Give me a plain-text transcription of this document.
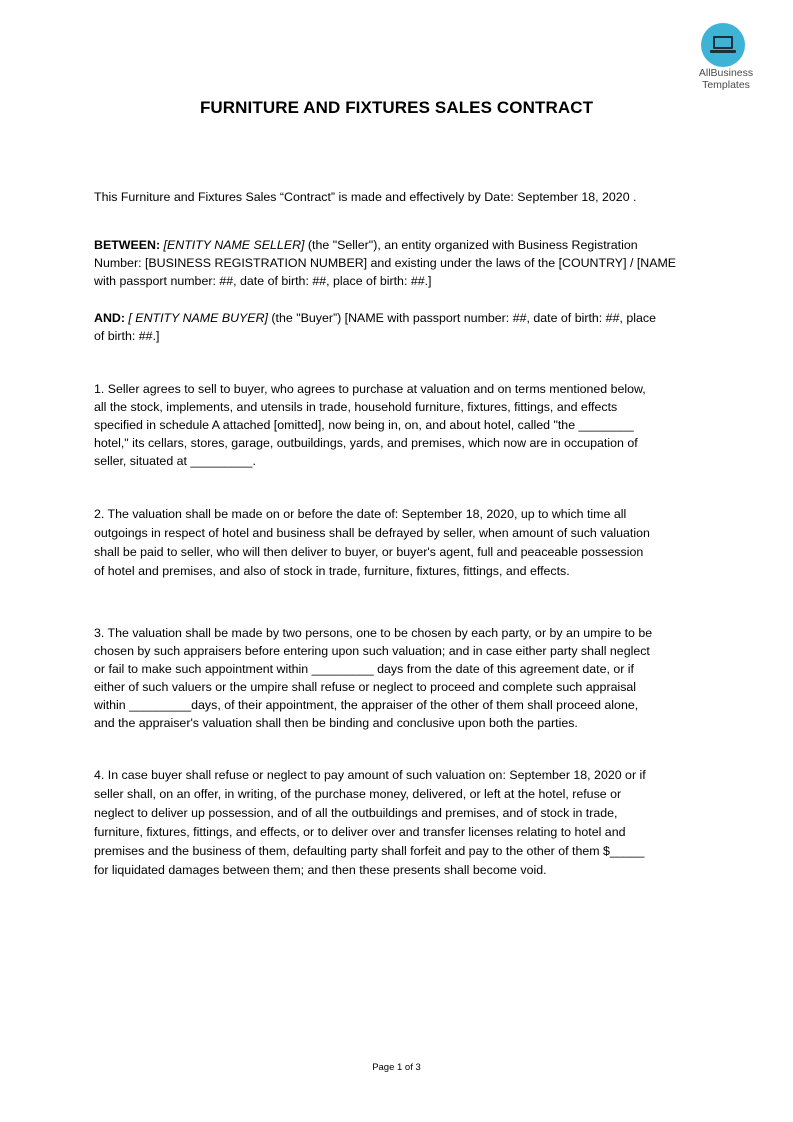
AllBusiness
Templates
FURNITURE AND FIXTURES SALES CONTRACT
This Furniture and Fixtures Sales “Contract” is made and effectively by Date: September 18, 2020 .
BETWEEN: [ENTITY NAME SELLER] (the "Seller"), an entity organized with Business Registration
Number: [BUSINESS REGISTRATION NUMBER] and existing under the laws of the [COUNTRY] / [NAME
with passport number: ##, date of birth: ##, place of birth: ##.]
AND: [ ENTITY NAME BUYER] (the "Buyer”) [NAME with passport number: ##, date of birth: ##, place
of birth: ##.]
1. Seller agrees to sell to buyer, who agrees to purchase at valuation and on terms mentioned below,
all the stock, implements, and utensils in trade, household furniture, fixtures, fittings, and effects
specified in schedule A attached [omitted], now being in, on, and about hotel, called "the ________
hotel," its cellars, stores, garage, outbuildings, yards, and premises, which now are in occupation of
seller, situated at _________.
2. The valuation shall be made on or before the date of: September 18, 2020, up to which time all
outgoings in respect of hotel and business shall be defrayed by seller, when amount of such valuation
shall be paid to seller, who will then deliver to buyer, or buyer's agent, full and peaceable possession
of hotel and premises, and also of stock in trade, furniture, fixtures, fittings, and effects.
3. The valuation shall be made by two persons, one to be chosen by each party, or by an umpire to be
chosen by such appraisers before entering upon such valuation; and in case either party shall neglect
or fail to make such appointment within _________ days from the date of this agreement date, or if
either of such valuers or the umpire shall refuse or neglect to proceed and complete such appraisal
within _________days, of their appointment, the appraiser of the other of them shall proceed alone,
and the appraiser's valuation shall then be binding and conclusive upon both the parties.
4. In case buyer shall refuse or neglect to pay amount of such valuation on: September 18, 2020 or if
seller shall, on an offer, in writing, of the purchase money, delivered, or left at the hotel, refuse or
neglect to deliver up possession, and of all the outbuildings and premises, and of stock in trade,
furniture, fixtures, fittings, and effects, or to deliver over and transfer licenses relating to hotel and
premises and the business of them, defaulting party shall forfeit and pay to the other of them $_____
for liquidated damages between them; and then these presents shall become void.
Page 1 of 3
